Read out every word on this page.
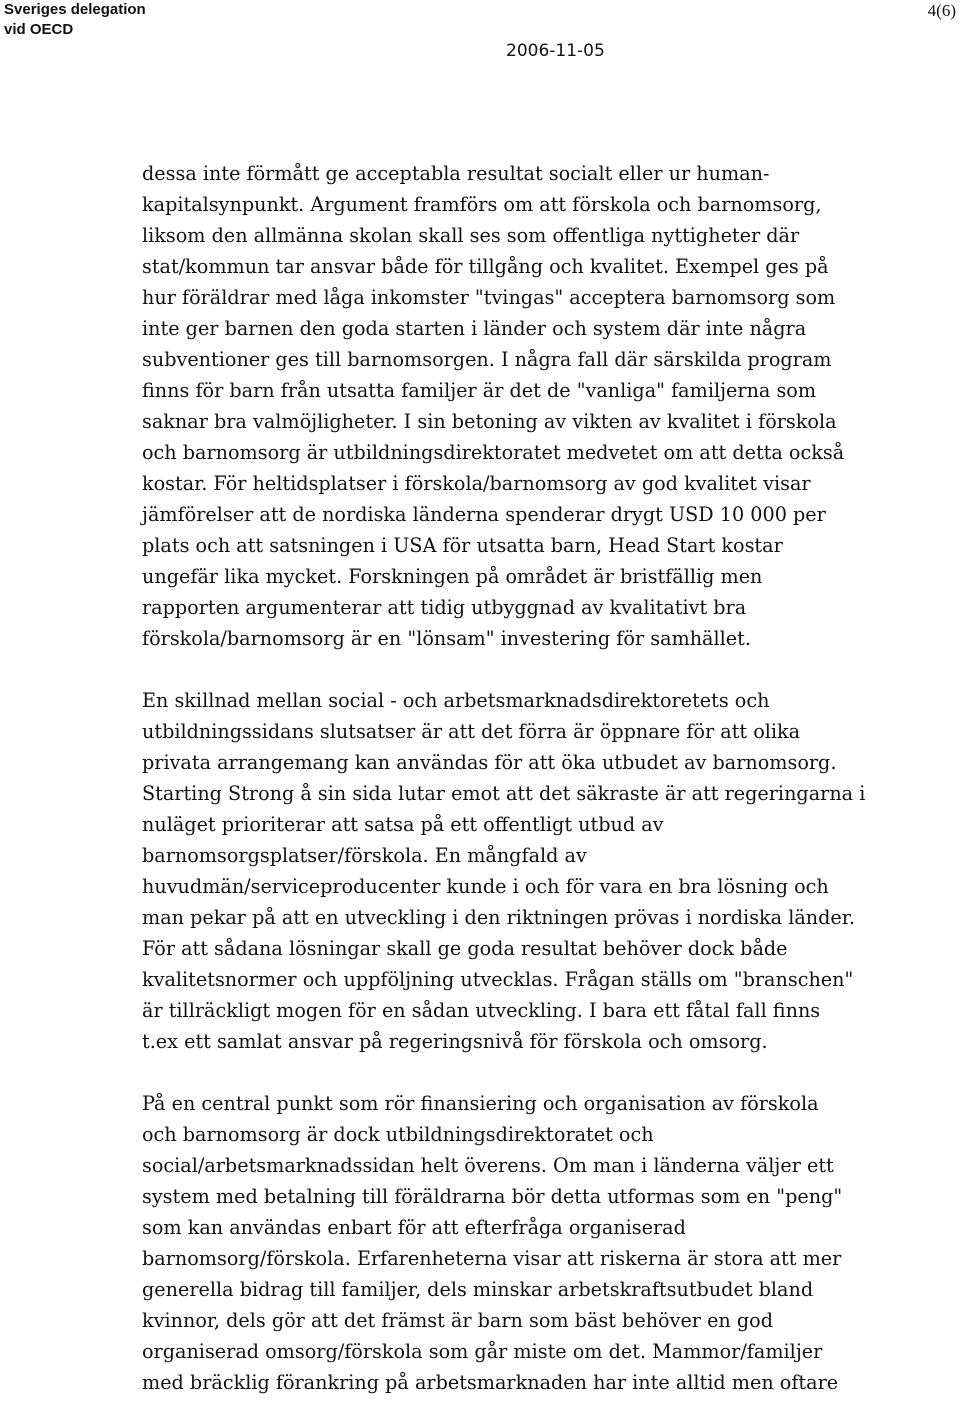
Sveriges delegation
vid OECD
2006-11-05
4(6)
dessa inte förmått ge acceptabla resultat socialt eller ur human-
kapitalsynpunkt. Argument framförs om att förskola och barnomsorg,
liksom den allmänna skolan skall ses som offentliga nyttigheter där
stat/kommun tar ansvar både för tillgång och kvalitet. Exempel ges på
hur föräldrar med låga inkomster "tvingas" acceptera barnomsorg som
inte ger barnen den goda starten i länder och system där inte några
subventioner ges till barnomsorgen. I några fall där särskilda program
finns för barn från utsatta familjer är det de "vanliga" familjerna som
saknar bra valmöjligheter. I sin betoning av vikten av kvalitet i förskola
och barnomsorg är utbildningsdirektoratet medvetet om att detta också
kostar. För heltidsplatser i förskola/barnomsorg av god kvalitet visar
jämförelser att de nordiska länderna spenderar drygt USD 10 000 per
plats och att satsningen i USA för utsatta barn, Head Start kostar
ungefär lika mycket. Forskningen på området är bristfällig men
rapporten argumenterar att tidig utbyggnad av kvalitativt bra
förskola/barnomsorg är en "lönsam" investering för samhället.
En skillnad mellan social - och arbetsmarknadsdirektoretets och
utbildningssidans slutsatser är att det förra är öppnare för att olika
privata arrangemang kan användas för att öka utbudet av barnomsorg.
Starting Strong å sin sida lutar emot att det säkraste är att regeringarna i
nuläget prioriterar att satsa på ett offentligt utbud av
barnomsorgsplatser/förskola. En mångfald av
huvudmän/serviceproducenter kunde i och för vara en bra lösning och
man pekar på att en utveckling i den riktningen prövas i nordiska länder.
För att sådana lösningar skall ge goda resultat behöver dock både
kvalitetsnormer och uppföljning utvecklas. Frågan ställs om "branschen"
är tillräckligt mogen för en sådan utveckling. I bara ett fåtal fall finns
t.ex ett samlat ansvar på regeringsnivå för förskola och omsorg.
På en central punkt som rör finansiering och organisation av förskola
och barnomsorg är dock utbildningsdirektoratet och
social/arbetsmarknadssidan helt överens. Om man i länderna väljer ett
system med betalning till föräldrarna bör detta utformas som en "peng"
som kan användas enbart för att efterfråga organiserad
barnomsorg/förskola. Erfarenheterna visar att riskerna är stora att mer
generella bidrag till familjer, dels minskar arbetskraftsutbudet bland
kvinnor, dels gör att det främst är barn som bäst behöver en god
organiserad omsorg/förskola som går miste om det. Mammor/familjer
med bräcklig förankring på arbetsmarknaden har inte alltid men oftare
